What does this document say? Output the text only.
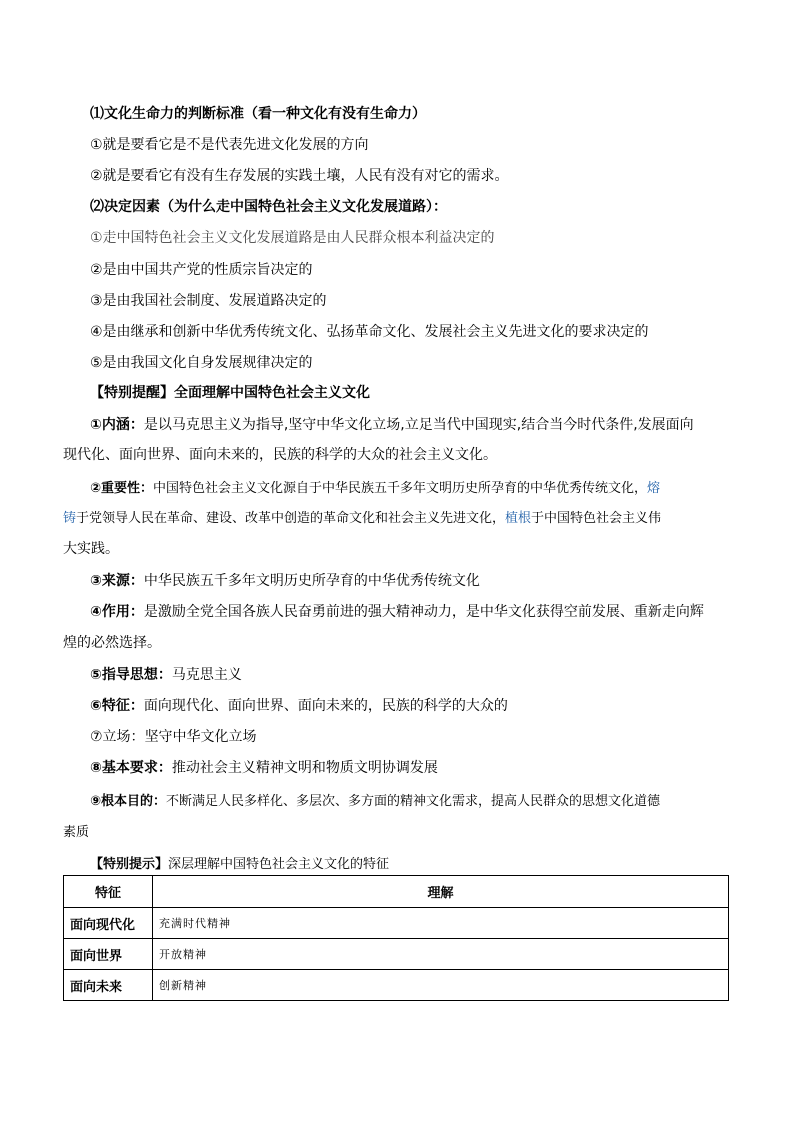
⑴文化生命力的判断标准（看一种文化有没有生命力）
①就是要看它是不是代表先进文化发展的方向
②就是要看它有没有生存发展的实践土壤，人民有没有对它的需求。
⑵决定因素（为什么走中国特色社会主义文化发展道路）：
①走中国特色社会主义文化发展道路是由人民群众根本利益决定的
②是由中国共产党的性质宗旨决定的
③是由我国社会制度、发展道路决定的
④是由继承和创新中华优秀传统文化、弘扬革命文化、发展社会主义先进文化的要求决定的
⑤是由我国文化自身发展规律决定的
【特别提醒】全面理解中国特色社会主义文化
①内涵：是以马克思主义为指导,坚守中华文化立场,立足当代中国现实,结合当今时代条件,发展面向
现代化、面向世界、面向未来的，民族的科学的大众的社会主义文化。
②重要性：中国特色社会主义文化源自于中华民族五千多年文明历史所孕育的中华优秀传统文化，熔
铸于党领导人民在革命、建设、改革中创造的革命文化和社会主义先进文化，植根于中国特色社会主义伟
大实践。
③来源：中华民族五千多年文明历史所孕育的中华优秀传统文化
④作用：是激励全党全国各族人民奋勇前进的强大精神动力，是中华文化获得空前发展、重新走向辉
煌的必然选择。
⑤指导思想：马克思主义
⑥特征：面向现代化、面向世界、面向未来的，民族的科学的大众的
⑦立场：坚守中华文化立场
⑧基本要求：推动社会主义精神文明和物质文明协调发展
⑨根本目的：不断满足人民多样化、多层次、多方面的精神文化需求，提高人民群众的思想文化道德
素质
【特别提示】深层理解中国特色社会主义文化的特征
特征	理解
面向现代化	充满时代精神
面向世界	开放精神
面向未来	创新精神
